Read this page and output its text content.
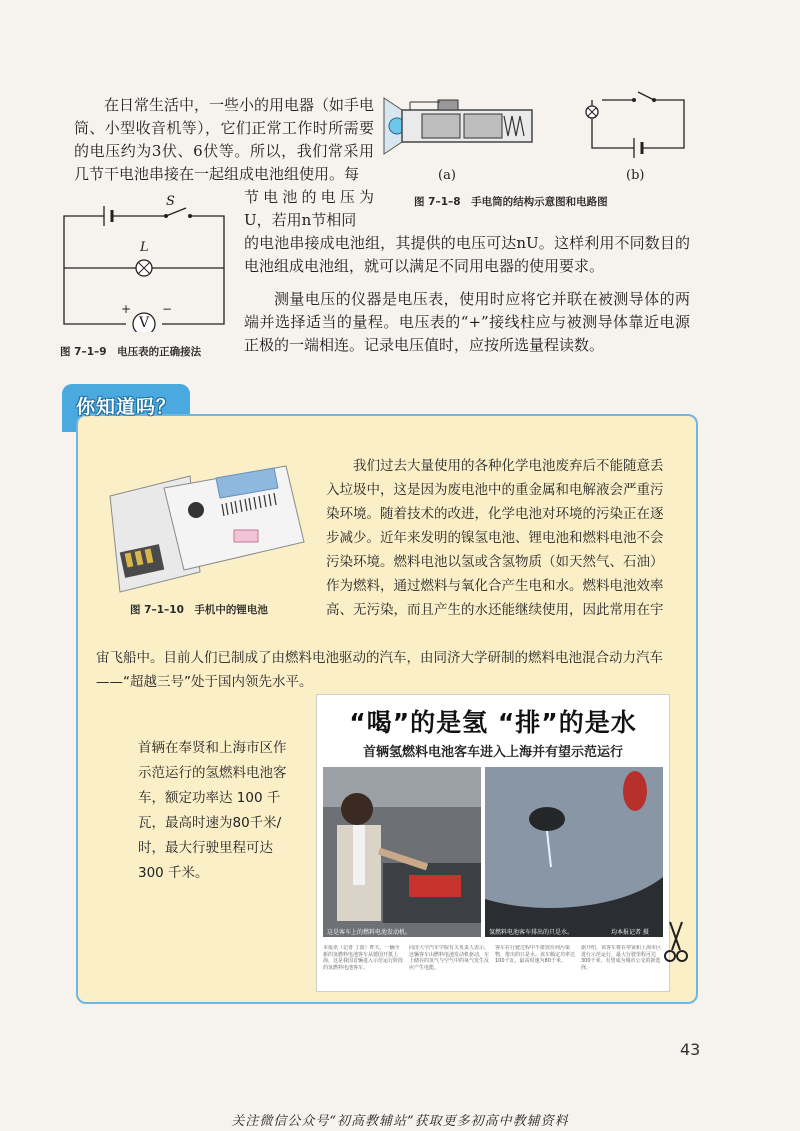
在日常生活中，一些小的用电器（如手电筒、小型收音机等），它们正常工作时所需要的电压约为3伏、6伏等。所以，我们常采用几节干电池串接在一起组成电池组使用。每

节电池的电压为U，若用n节相同

的电池串接成电池组，其提供的电压可达nU。这样利用不同数目的电池组成电池组，就可以满足不同用电器的使用要求。

测量电压的仪器是电压表，使用时应将它并联在被测导体的两端并选择适当的量程。电压表的“+”接线柱应与被测导体靠近电源正极的一端相连。记录电压值时，应按所选量程读数。

(a)	(b)
图 7–1–8　手电筒的结构示意图和电路图
S
L
V
+	−
图 7–1–9　电压表的正确接法
你知道吗？

我们过去大量使用的各种化学电池废弃后不能随意丢入垃圾中，这是因为废电池中的重金属和电解液会严重污染环境。随着技术的改进，化学电池对环境的污染正在逐步减少。近年来发明的镍氢电池、锂电池和燃料电池不会污染环境。燃料电池以氢或含氢物质（如天然气、石油）作为燃料，通过燃料与氧化合产生电和水。燃料电池效率高、无污染，而且产生的水还能继续使用，因此常用在宇

图 7–1–10　手机中的锂电池

宙飞船中。目前人们已制成了由燃料电池驱动的汽车，由同济大学研制的燃料电池混合动力汽车——“超越三号”处于国内领先水平。

首辆在奉贤和上海市区作示范运行的氢燃料电池客车，额定功率达 100 千瓦，最高时速为80千米/时，最大行驶里程可达 300 千米。

“喝”的是氢 “排”的是水
首辆氢燃料电池客车进入上海并有望示范运行
这是客车上的燃料电池发动机。	氢燃料电池客车排出的只是水。	均本报记者 摄
本报讯（记者 丁波）昨天，一辆全新的氢燃料电池客车从德国开抵上海，这是我国首辆进入示范运行阶段的氢燃料电池客车。
同济大学汽车学院有关负责人表示，这辆客车由燃料电池发动机驱动，车上储存的氢气与空气中的氧气发生反应产生电能。
客车在行驶过程中不排放任何污染物，排出的只是水。该车额定功率达100千瓦，最高时速为80千米。
据介绍，该客车将在奉贤和上海市区进行示范运行，最大行驶里程可达300千米，有望成为城市公交的新选择。
43
关注微信公众号“初高教辅站”获取更多初高中教辅资料
